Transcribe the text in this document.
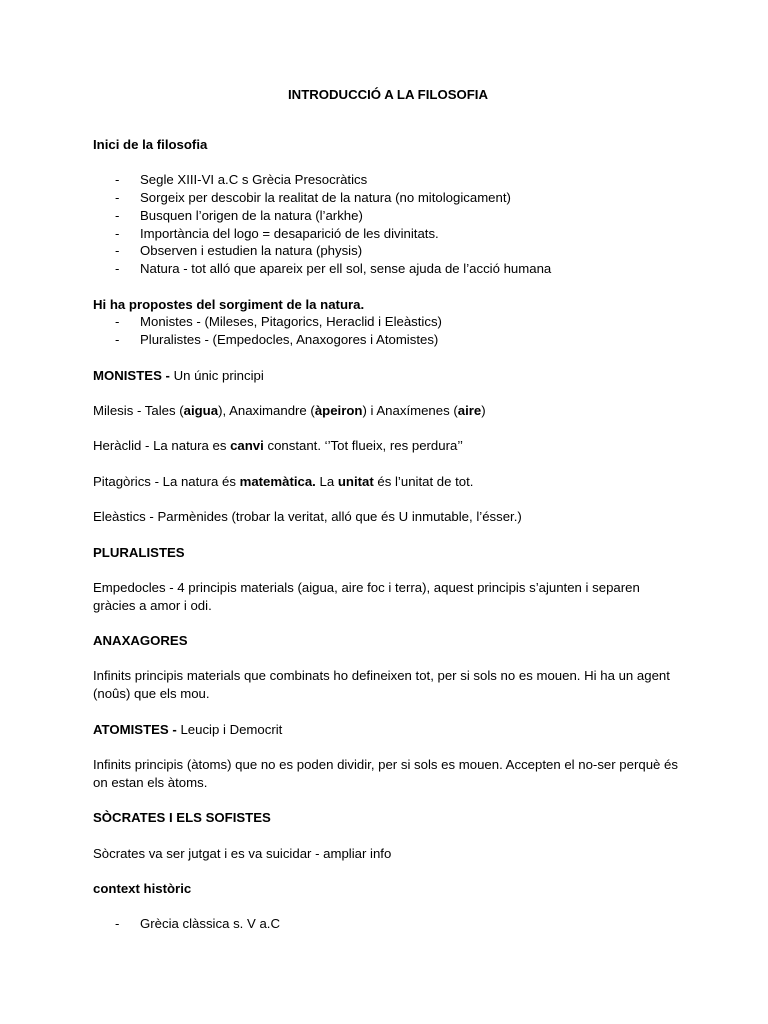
INTRODUCCIÓ A LA FILOSOFIA

Inici de la filosofia

- Segle XIII-VI a.C s Grècia Presocràtics
- Sorgeix per descobir la realitat de la natura (no mitologicament)
- Busquen l’origen de la natura (l’arkhe)
- Importància del logo = desaparició de les divinitats.
- Observen i estudien la natura (physis)
- Natura - tot alló que apareix per ell sol, sense ajuda de l’acció humana

Hi ha propostes del sorgiment de la natura.

- Monistes - (Mileses, Pitagorics, Heraclid i Eleàstics)
- Pluralistes - (Empedocles, Anaxogores i Atomistes)

MONISTES - Un únic principi

Milesis - Tales (aigua), Anaximandre (àpeiron) i Anaxímenes (aire)

Heràclid - La natura es canvi constant. ‘’Tot flueix, res perdura’’

Pitagòrics - La natura és matemàtica. La unitat és l’unitat de tot.

Eleàstics - Parmènides (trobar la veritat, alló que és U inmutable, l’ésser.)

PLURALISTES

Empedocles - 4 principis materials (aigua, aire foc i terra), aquest principis s’ajunten i separen gràcies a amor i odi.

ANAXAGORES

Infinits principis materials que combinats ho defineixen tot, per si sols no es mouen. Hi ha un agent (noûs) que els mou.

ATOMISTES - Leucip i Democrit

Infinits principis (àtoms) que no es poden dividir, per si sols es mouen. Accepten el no-ser perquè és on estan els àtoms.

SÒCRATES I ELS SOFISTES

Sòcrates va ser jutgat i es va suicidar - ampliar info

context històric

- Grècia clàssica s. V a.C
